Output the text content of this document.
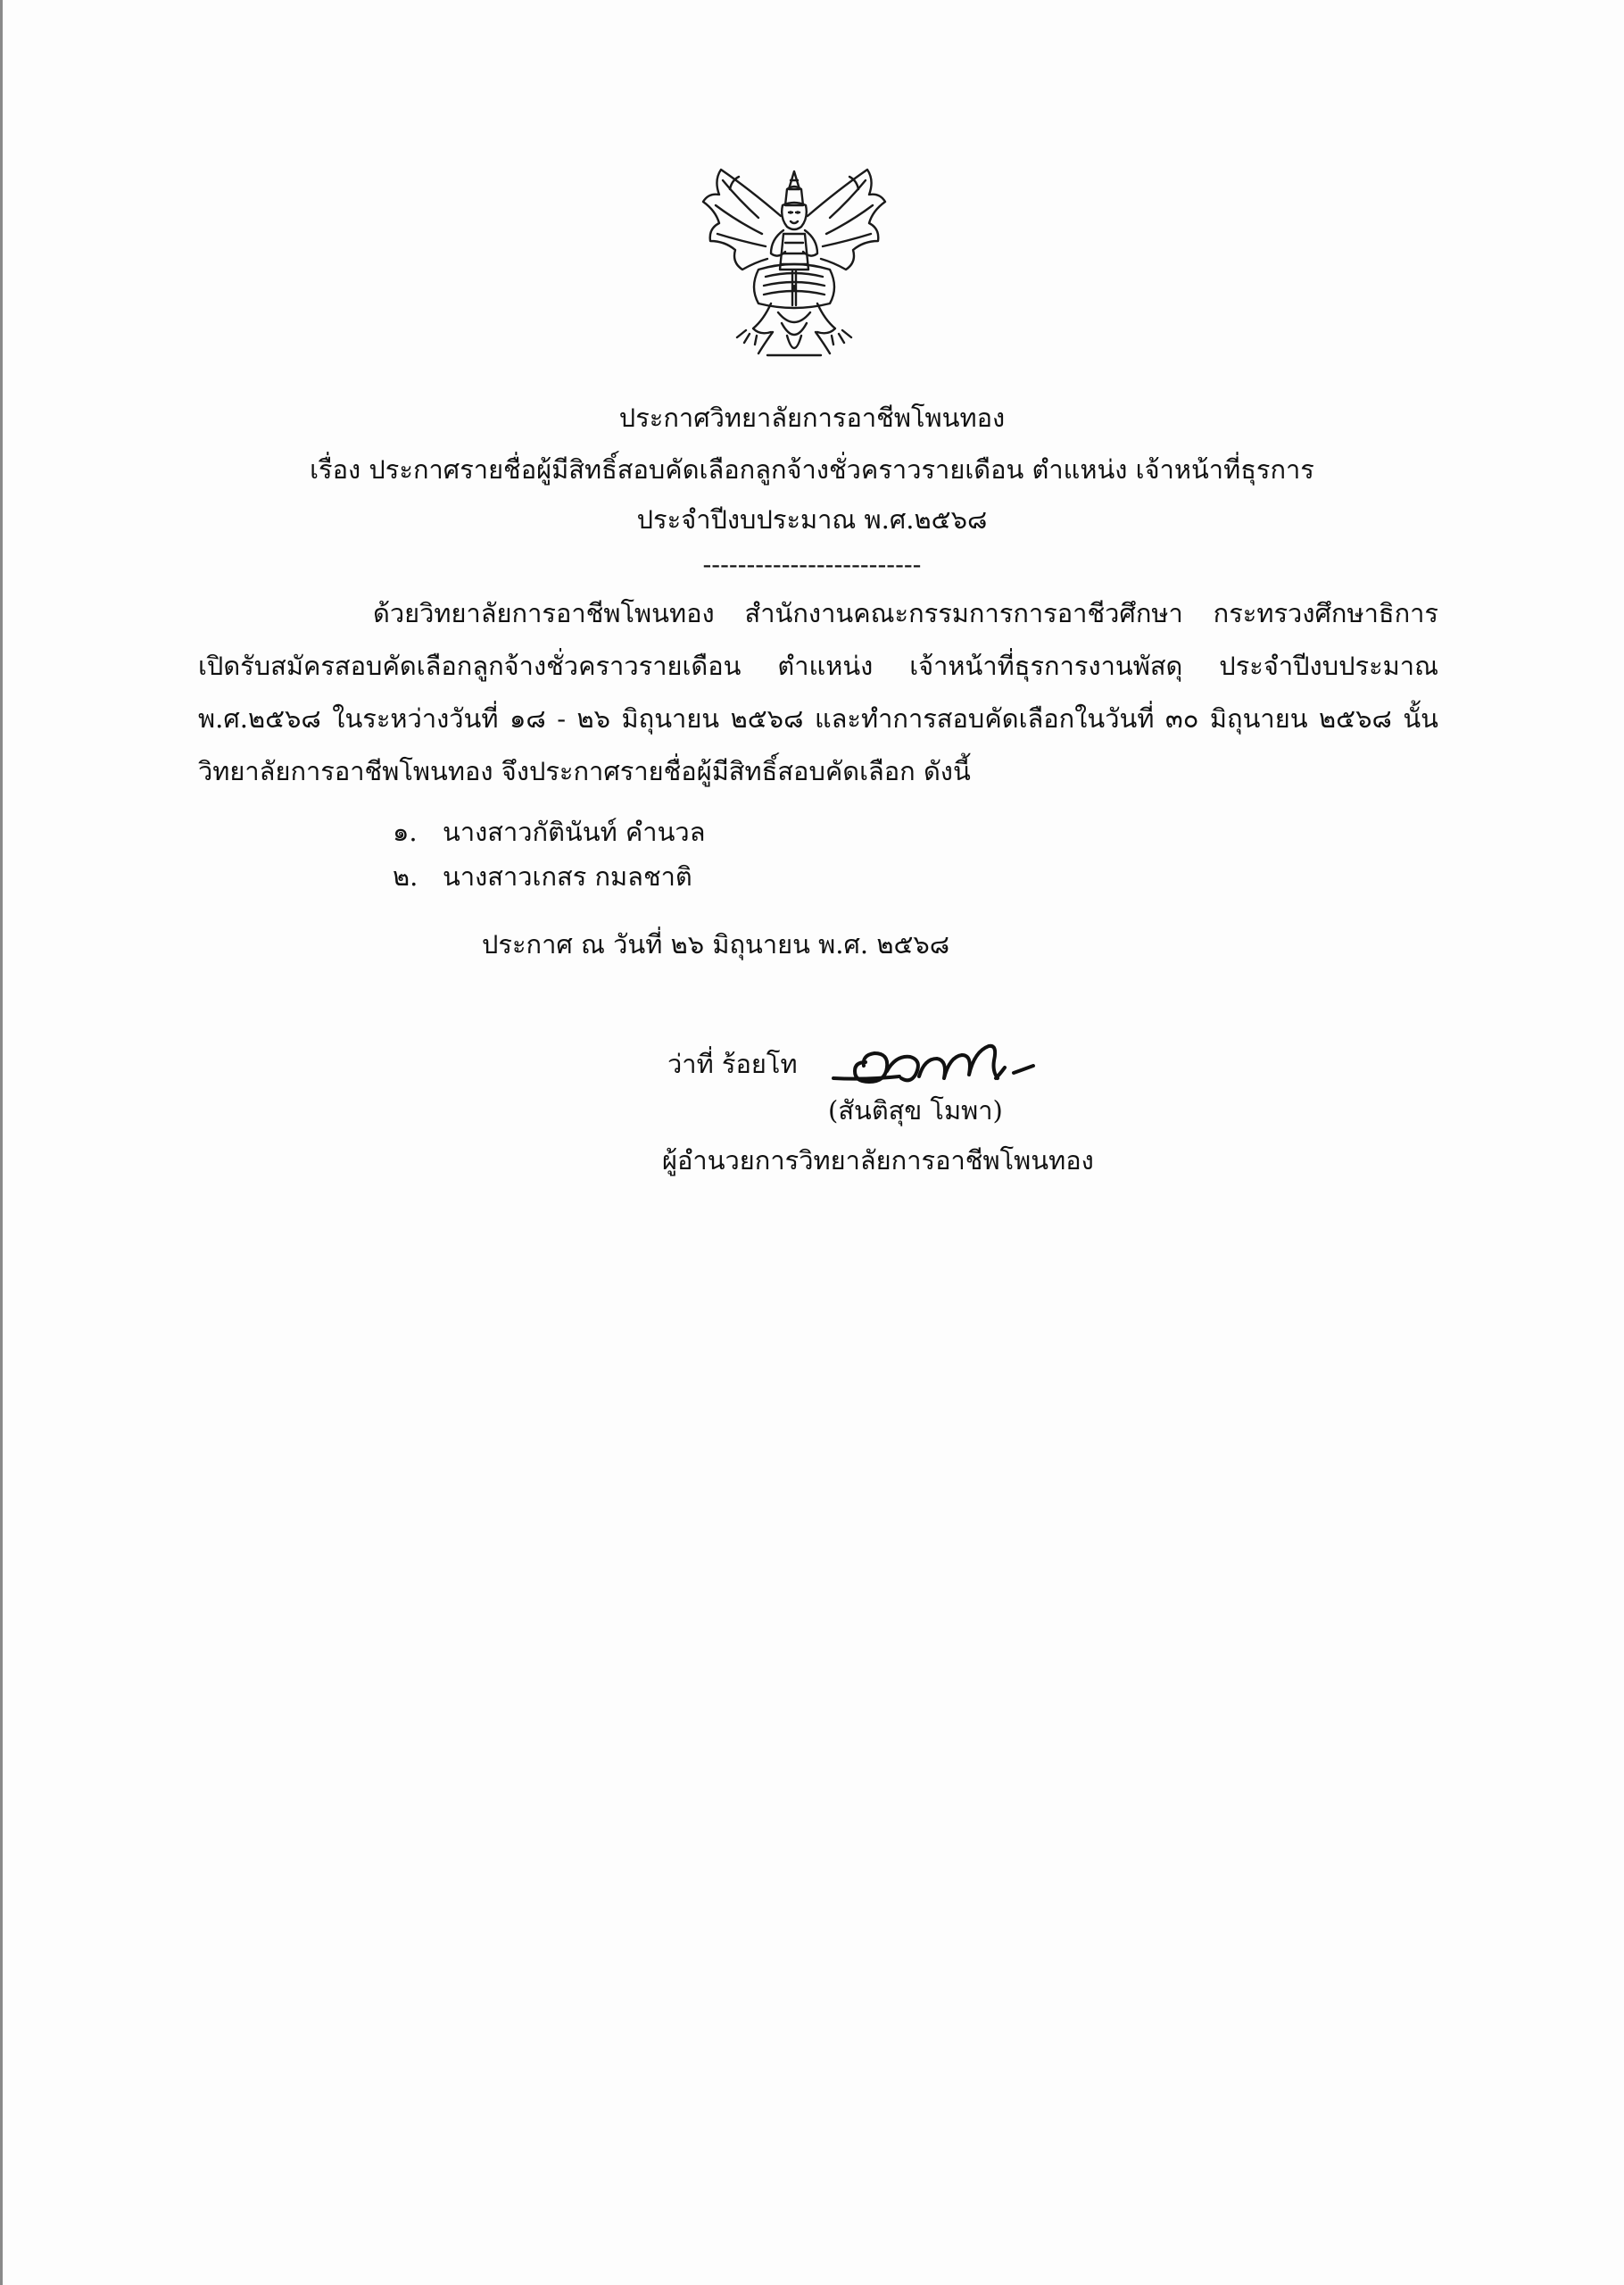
ประกาศวิทยาลัยการอาชีพโพนทอง
เรื่อง ประกาศรายชื่อผู้มีสิทธิ์สอบคัดเลือกลูกจ้างชั่วคราวรายเดือน ตำแหน่ง เจ้าหน้าที่ธุรการ
ประจำปีงบประมาณ พ.ศ.๒๕๖๘
-------------------------
ด้วยวิทยาลัยการอาชีพโพนทอง สำนักงานคณะกรรมการการอาชีวศึกษา กระทรวงศึกษาธิการ เปิดรับสมัครสอบคัดเลือกลูกจ้างชั่วคราวรายเดือน ตำแหน่ง เจ้าหน้าที่ธุรการงานพัสดุ ประจำปีงบประมาณ พ.ศ.๒๕๖๘ ในระหว่างวันที่ ๑๘ - ๒๖ มิถุนายน ๒๕๖๘ และทำการสอบคัดเลือกในวันที่ ๓๐ มิถุนายน ๒๕๖๘ นั้น วิทยาลัยการอาชีพโพนทอง จึงประกาศรายชื่อผู้มีสิทธิ์สอบคัดเลือก ดังนี้
๑. นางสาวกัตินันท์ คำนวล
๒. นางสาวเกสร กมลชาติ
ประกาศ ณ วันที่ ๒๖ มิถุนายน พ.ศ. ๒๕๖๘
ว่าที่ ร้อยโท
(สันติสุข โมพา)
ผู้อำนวยการวิทยาลัยการอาชีพโพนทอง
